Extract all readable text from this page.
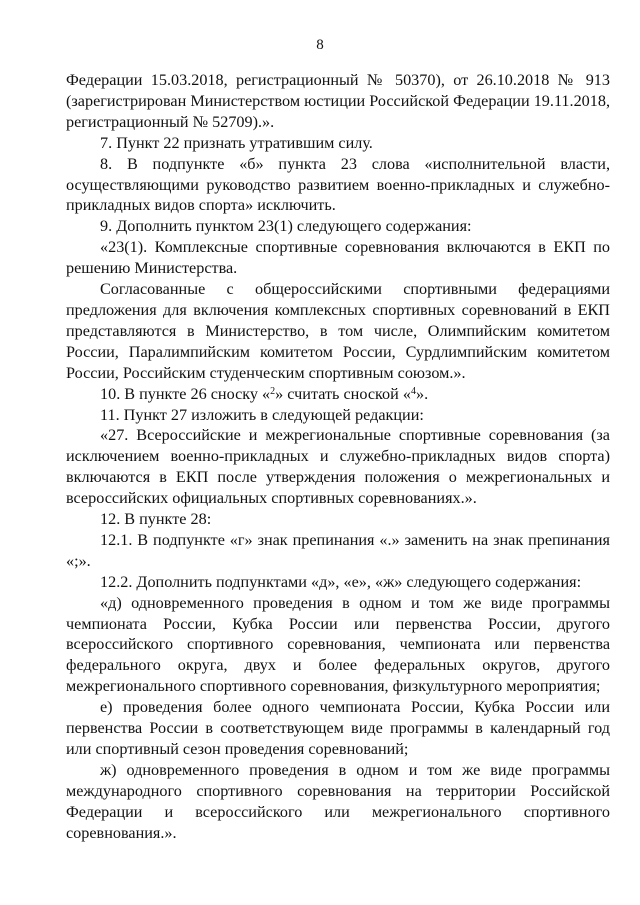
8

Федерации 15.03.2018, регистрационный № 50370), от 26.10.2018 № 913 (зарегистрирован Министерством юстиции Российской Федерации 19.11.2018, регистрационный № 52709).».

7. Пункт 22 признать утратившим силу.

8. В подпункте «б» пункта 23 слова «исполнительной власти, осуществляющими руководство развитием военно-прикладных и служебно-прикладных видов спорта» исключить.

9. Дополнить пунктом 23(1) следующего содержания:

«23(1). Комплексные спортивные соревнования включаются в ЕКП по решению Министерства.

Согласованные с общероссийскими спортивными федерациями предложения для включения комплексных спортивных соревнований в ЕКП представляются в Министерство, в том числе, Олимпийским комитетом России, Паралимпийским комитетом России, Сурдлимпийским комитетом России, Российским студенческим спортивным союзом.».

10. В пункте 26 сноску «$^2$» считать сноской «$^4$».

11. Пункт 27 изложить в следующей редакции:

«27. Всероссийские и межрегиональные спортивные соревнования (за исключением военно-прикладных и служебно-прикладных видов спорта) включаются в ЕКП после утверждения положения о межрегиональных и всероссийских официальных спортивных соревнованиях.».

12. В пункте 28:

12.1. В подпункте «г» знак препинания «.» заменить на знак препинания «;».

12.2. Дополнить подпунктами «д», «е», «ж» следующего содержания:

«д) одновременного проведения в одном и том же виде программы чемпионата России, Кубка России или первенства России, другого всероссийского спортивного соревнования, чемпионата или первенства федерального округа, двух и более федеральных округов, другого межрегионального спортивного соревнования, физкультурного мероприятия;

е) проведения более одного чемпионата России, Кубка России или первенства России в соответствующем виде программы в календарный год или спортивный сезон проведения соревнований;

ж) одновременного проведения в одном и том же виде программы международного спортивного соревнования на территории Российской Федерации и всероссийского или межрегионального спортивного соревнования.».
